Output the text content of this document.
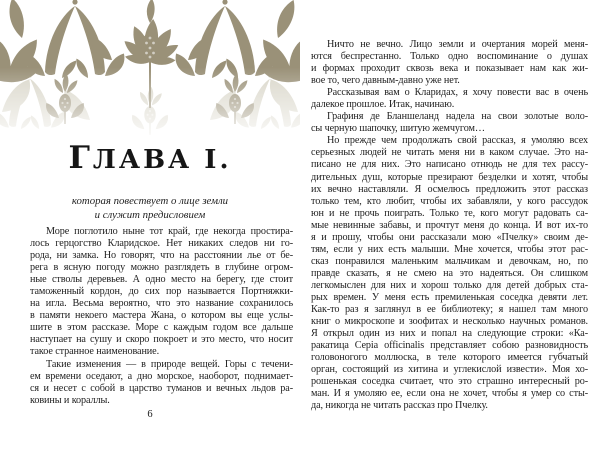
ГЛАВА I.
которая повествует о лице земли
и служит предисловием
Море поглотило ныне тот край, где некогда простира-
лось герцогство Кларидское. Нет никаких следов ни го-
рода, ни замка. Но говорят, что на расстоянии лье от бе-
рега в ясную погоду можно разглядеть в глубине огром-
ные стволы деревьев. А одно место на берегу, где стоит
таможенный кордон, до сих пор называется Портняжки-
на игла. Весьма вероятно, что это название сохранилось
в памяти некоего мастера Жана, о котором вы еще услы-
шите в этом рассказе. Море с каждым годом все дальше
наступает на сушу и скоро покроет и это место, что носит
такое странное наименование.
Такие изменения — в природе вещей. Горы с течени-
ем времени оседают, а дно морское, наоборот, поднимает-
ся и несет с собой в царство туманов и вечных льдов ра-
ковины и кораллы.
6
Ничто не вечно. Лицо земли и очертания морей меня-
ются беспрестанно. Только одно воспоминание о душах
и формах проходит сквозь века и показывает нам как жи-
вое то, чего давным-давно уже нет.
Рассказывая вам о Кларидах, я хочу повести вас в очень
далекое прошлое. Итак, начинаю.
Графиня де Бланшеланд надела на свои золотые воло-
сы черную шапочку, шитую жемчугом…
Но прежде чем продолжать свой рассказ, я умоляю всех
серьезных людей не читать меня ни в каком случае. Это на-
писано не для них. Это написано отнюдь не для тех рассу-
дительных душ, которые презирают безделки и хотят, чтобы
их вечно наставляли. Я осмелюсь предложить этот рассказ
только тем, кто любит, чтобы их забавляли, у кого рассудок
юн и не прочь поиграть. Только те, кого могут радовать са-
мые невинные забавы, и прочтут меня до конца. И вот их-то
я и прошу, чтобы они рассказали мою «Пчелку» своим де-
тям, если у них есть малыши. Мне хочется, чтобы этот рас-
сказ понравился маленьким мальчикам и девочкам, но, по
правде сказать, я не смею на это надеяться. Он слишком
легкомыслен для них и хорош только для детей добрых ста-
рых времен. У меня есть премиленькая соседка девяти лет.
Как-то раз я заглянул в ее библиотеку; я нашел там много
книг о микроскопе и зоофитах и несколько научных романов.
Я открыл один из них и попал на следующие строки: «Ка-
ракатица Cepia officinalis представляет собою разновидность
головоногого моллюска, в теле которого имеется губчатый
орган, состоящий из хитина и углекислой извести». Моя хо-
рошенькая соседка считает, что это страшно интересный ро-
ман. И я умоляю ее, если она не хочет, чтобы я умер со сты-
да, никогда не читать рассказ про Пчелку.
